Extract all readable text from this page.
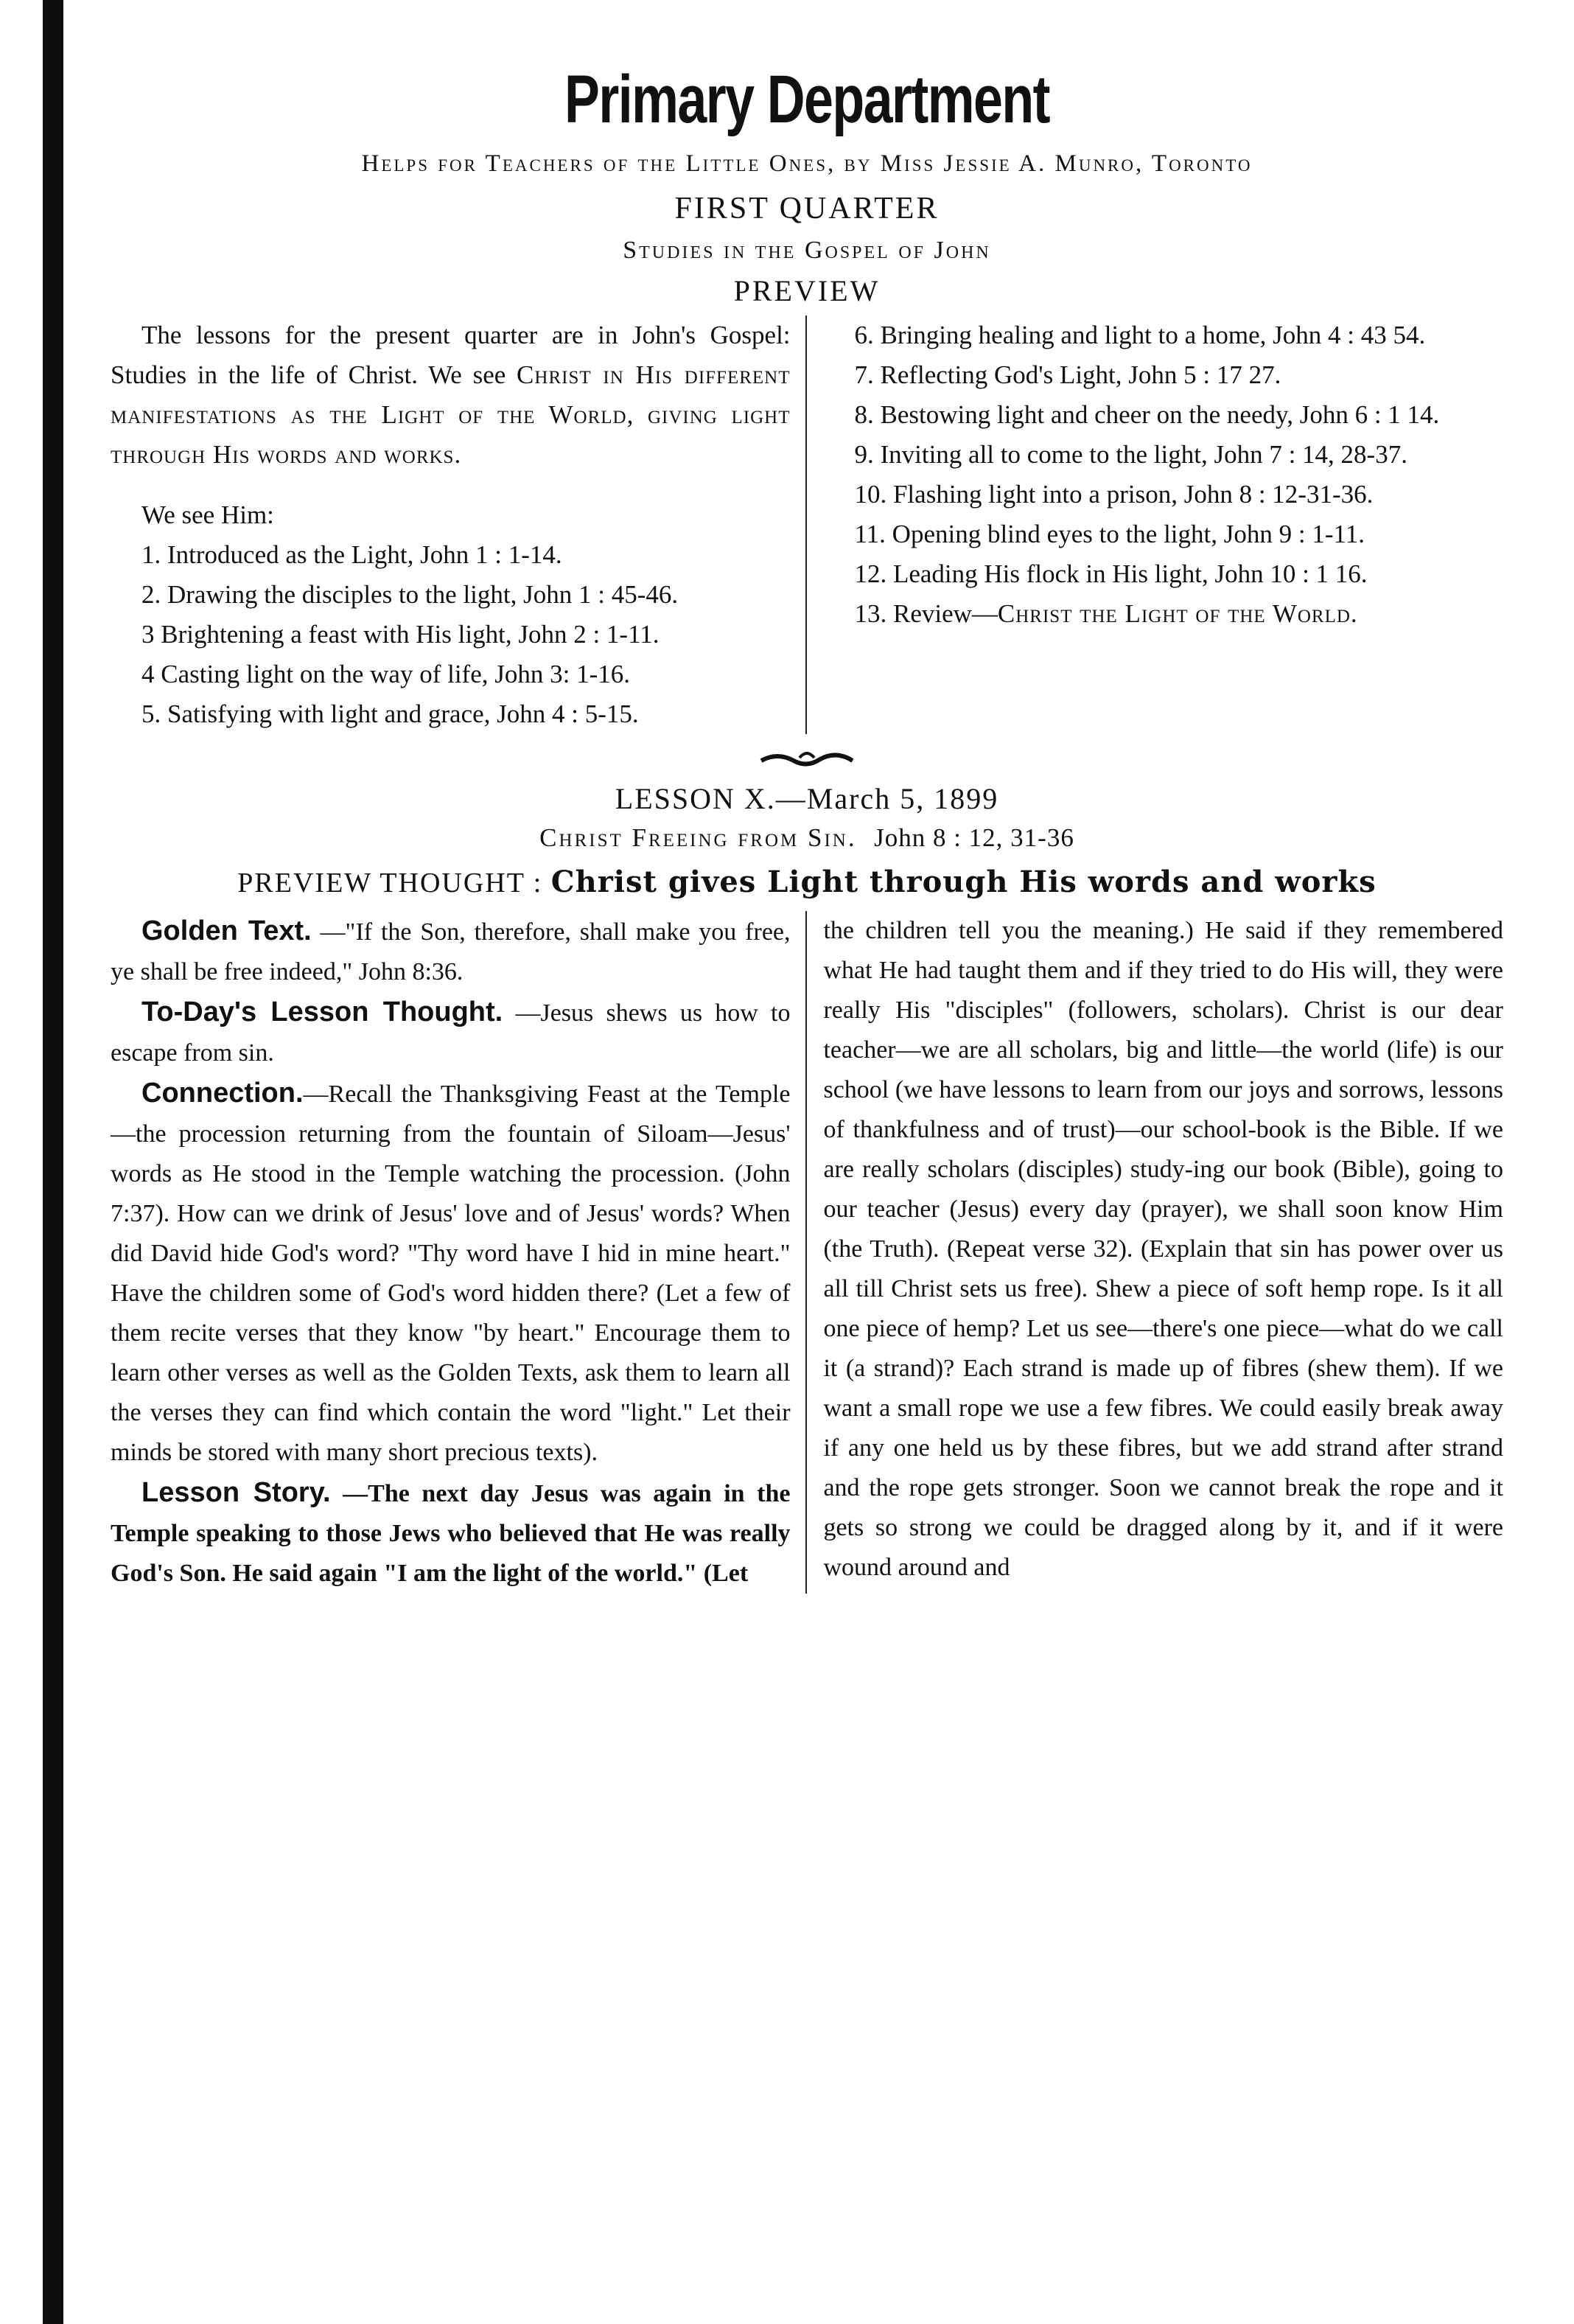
Primary Department
Helps for Teachers of the Little Ones, by Miss Jessie A. Munro, Toronto
FIRST QUARTER
Studies in the Gospel of John
PREVIEW

The lessons for the present quarter are in John's Gospel: Studies in the life of Christ. We see Christ in His different manifestations as the Light of the World, giving light through His words and works.

We see Him:

1. Introduced as the Light, John 1 : 1-14.

2. Drawing the disciples to the light, John 1 : 45-46.

3 Brightening a feast with His light, John 2 : 1-11.

4 Casting light on the way of life, John 3: 1-16.

5. Satisfying with light and grace, John 4 : 5-15.

6. Bringing healing and light to a home, John 4 : 43 54.

7. Reflecting God's Light, John 5 : 17 27.

8. Bestowing light and cheer on the needy, John 6 : 1 14.

9. Inviting all to come to the light, John 7 : 14, 28-37.

10. Flashing light into a prison, John 8 : 12-31-36.

11. Opening blind eyes to the light, John 9 : 1-11.

12. Leading His flock in His light, John 10 : 1 16.

13. Review—Christ the Light of the World.

LESSON X.—March 5, 1899
Christ Freeing from Sin. John 8 : 12, 31-36
PREVIEW THOUGHT : Christ gives Light through His words and works

Golden Text. —"If the Son, therefore, shall make you free, ye shall be free indeed," John 8:36.

To-Day's Lesson Thought. —Jesus shews us how to escape from sin.

Connection.—Recall the Thanksgiving Feast at the Temple—the procession returning from the fountain of Siloam—Jesus' words as He stood in the Temple watching the procession. (John 7:37). How can we drink of Jesus' love and of Jesus' words? When did David hide God's word? "Thy word have I hid in mine heart." Have the children some of God's word hidden there? (Let a few of them recite verses that they know "by heart." Encourage them to learn other verses as well as the Golden Texts, ask them to learn all the verses they can find which contain the word "light." Let their minds be stored with many short precious texts).

Lesson Story. —The next day Jesus was again in the Temple speaking to those Jews who believed that He was really God's Son. He said again "I am the light of the world." (Let

the children tell you the meaning.) He said if they remembered what He had taught them and if they tried to do His will, they were really His "disciples" (followers, scholars). Christ is our dear teacher—we are all scholars, big and little—the world (life) is our school (we have lessons to learn from our joys and sorrows, lessons of thankfulness and of trust)—our school-book is the Bible. If we are really scholars (disciples) study-ing our book (Bible), going to our teacher (Jesus) every day (prayer), we shall soon know Him (the Truth). (Repeat verse 32). (Explain that sin has power over us all till Christ sets us free). Shew a piece of soft hemp rope. Is it all one piece of hemp? Let us see—there's one piece—what do we call it (a strand)? Each strand is made up of fibres (shew them). If we want a small rope we use a few fibres. We could easily break away if any one held us by these fibres, but we add strand after strand and the rope gets stronger. Soon we cannot break the rope and it gets so strong we could be dragged along by it, and if it were wound around and
